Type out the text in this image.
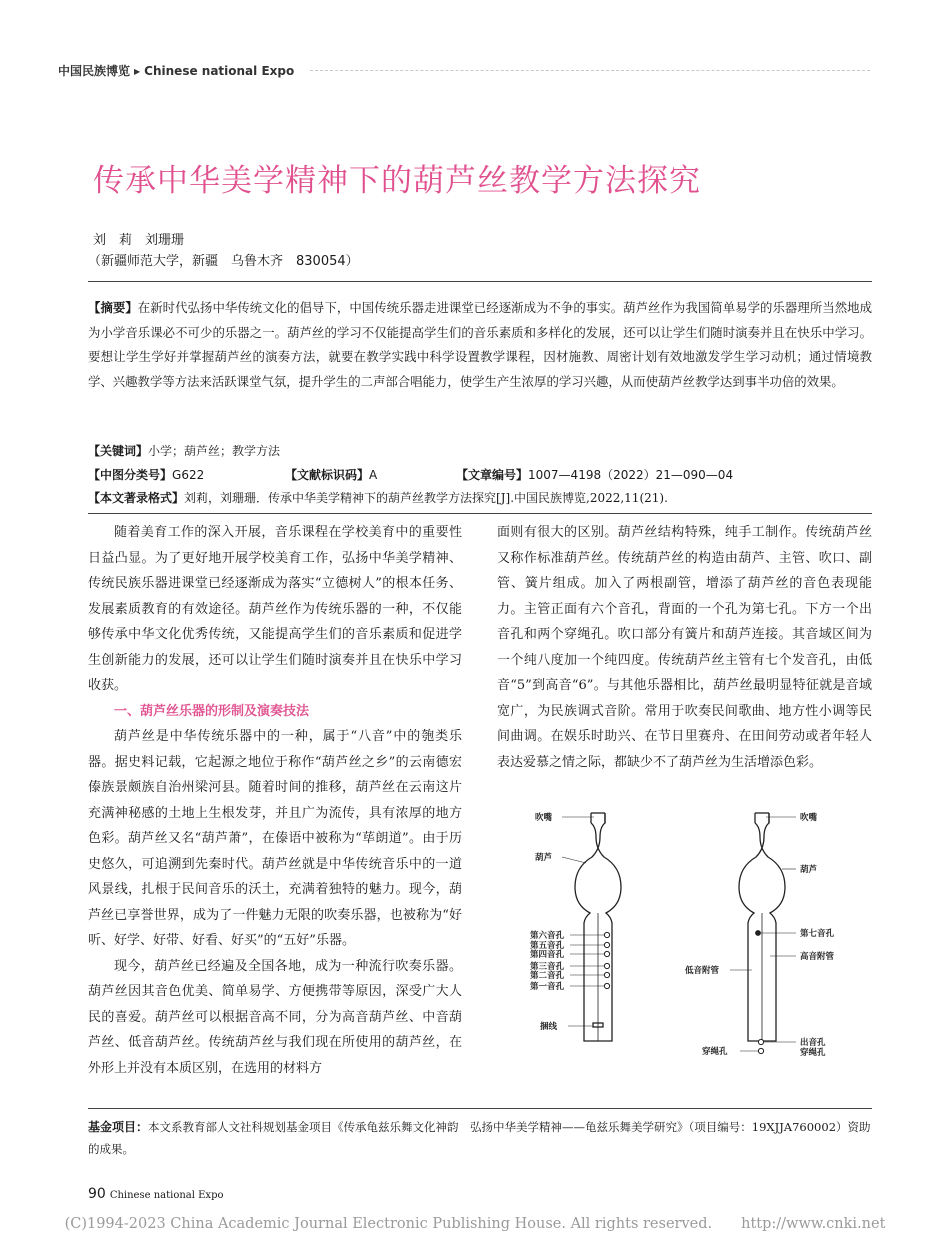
中国民族博览 ▶ Chinese national Expo
传承中华美学精神下的葫芦丝教学方法探究
刘　莉　刘珊珊
（新疆师范大学，新疆　乌鲁木齐　830054）
【摘要】在新时代弘扬中华传统文化的倡导下，中国传统乐器走进课堂已经逐渐成为不争的事实。葫芦丝作为我国简单易学的乐器理所当然地成为小学音乐课必不可少的乐器之一。葫芦丝的学习不仅能提高学生们的音乐素质和多样化的发展，还可以让学生们随时演奏并且在快乐中学习。要想让学生学好并掌握葫芦丝的演奏方法，就要在教学实践中科学设置教学课程，因材施教、周密计划有效地激发学生学习动机；通过情境教学、兴趣教学等方法来活跃课堂气氛，提升学生的二声部合唱能力，使学生产生浓厚的学习兴趣，从而使葫芦丝教学达到事半功倍的效果。
【关键词】小学；葫芦丝；教学方法
【中图分类号】G622	【文献标识码】A	【文章编号】1007—4198（2022）21—090—04
【本文著录格式】刘莉，刘珊珊．传承中华美学精神下的葫芦丝教学方法探究[J].中国民族博览,2022,11(21).

随着美育工作的深入开展，音乐课程在学校美育中的重要性日益凸显。为了更好地开展学校美育工作，弘扬中华美学精神、传统民族乐器进课堂已经逐渐成为落实“立德树人”的根本任务、发展素质教育的有效途径。葫芦丝作为传统乐器的一种，不仅能够传承中华文化优秀传统，又能提高学生们的音乐素质和促进学生创新能力的发展，还可以让学生们随时演奏并且在快乐中学习收获。

一、葫芦丝乐器的形制及演奏技法

葫芦丝是中华传统乐器中的一种，属于“八音”中的匏类乐器。据史料记载，它起源之地位于称作“葫芦丝之乡”的云南德宏傣族景颇族自治州梁河县。随着时间的推移，葫芦丝在云南这片充满神秘感的土地上生根发芽，并且广为流传，具有浓厚的地方色彩。葫芦丝又名“葫芦萧”，在傣语中被称为“荜朗道”。由于历史悠久，可追溯到先秦时代。葫芦丝就是中华传统音乐中的一道风景线，扎根于民间音乐的沃土，充满着独特的魅力。现今，葫芦丝已享誉世界，成为了一件魅力无限的吹奏乐器，也被称为“好听、好学、好带、好看、好买”的“五好”乐器。

现今，葫芦丝已经遍及全国各地，成为一种流行吹奏乐器。葫芦丝因其音色优美、简单易学、方便携带等原因，深受广大人民的喜爱。葫芦丝可以根据音高不同，分为高音葫芦丝、中音葫芦丝、低音葫芦丝。传统葫芦丝与我们现在所使用的葫芦丝，在外形上并没有本质区别，在选用的材料方

面则有很大的区别。葫芦丝结构特殊，纯手工制作。传统葫芦丝又称作标准葫芦丝。传统葫芦丝的构造由葫芦、主管、吹口、副管、簧片组成。加入了两根副管，增添了葫芦丝的音色表现能力。主管正面有六个音孔，背面的一个孔为第七孔。下方一个出音孔和两个穿绳孔。吹口部分有簧片和葫芦连接。其音域区间为一个纯八度加一个纯四度。传统葫芦丝主管有七个发音孔，由低音“5”到高音“6”。与其他乐器相比，葫芦丝最明显特征就是音域宽广，为民族调式音阶。常用于吹奏民间歌曲、地方性小调等民间曲调。在娱乐时助兴、在节日里赛舟、在田间劳动或者年轻人表达爱慕之情之际，都缺少不了葫芦丝为生活增添色彩。

吹嘴
葫芦
第六音孔
第五音孔
第四音孔
第三音孔
第二音孔
第一音孔
捆线
吹嘴
葫芦
第七音孔
高音附管
低音附管
出音孔
穿绳孔
穿绳孔
基金项目：本文系教育部人文社科规划基金项目《传承龟兹乐舞文化神韵　弘扬中华美学精神——龟兹乐舞美学研究》（项目编号：19XJJA760002）资助的成果。
90 Chinese national Expo
(C)1994-2023 China Academic Journal Electronic Publishing House. All rights reserved.　　http://www.cnki.net
